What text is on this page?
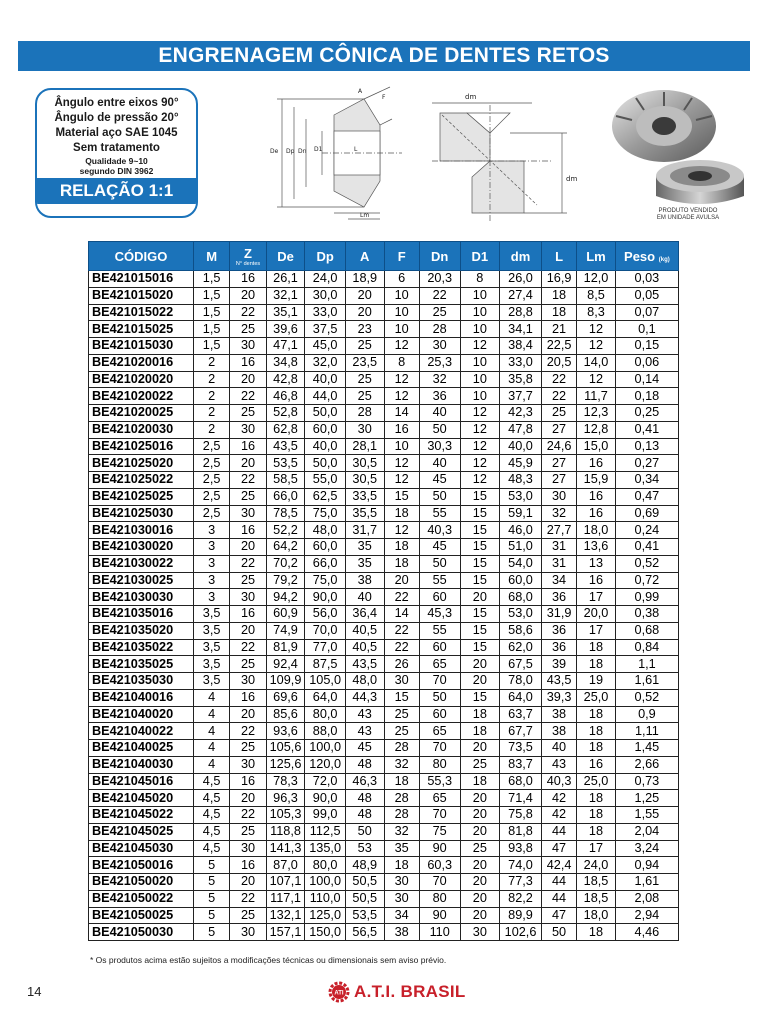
ENGRENAGEM CÔNICA DE DENTES RETOS
Ângulo entre eixos 90°
Ângulo de pressão 20°
Material aço SAE 1045
Sem tratamento
Qualidade 9~10
segundo DIN 3962
RELAÇÃO 1:1
De Dp Dn D1	L
F
A
Lm
dm
dm
PRODUTO VENDIDO
EM UNIDADE AVULSA
CÓDIGO	M	Z
N° dentes	De	Dp	A	F	Dn	D1	dm	L	Lm	Peso (kg)
BE421015016	1,5	16	26,1	24,0	18,9	6	20,3	8	26,0	16,9	12,0	0,03
BE421015020	1,5	20	32,1	30,0	20	10	22	10	27,4	18	8,5	0,05
BE421015022	1,5	22	35,1	33,0	20	10	25	10	28,8	18	8,3	0,07
BE421015025	1,5	25	39,6	37,5	23	10	28	10	34,1	21	12	0,1
BE421015030	1,5	30	47,1	45,0	25	12	30	12	38,4	22,5	12	0,15
BE421020016	2	16	34,8	32,0	23,5	8	25,3	10	33,0	20,5	14,0	0,06
BE421020020	2	20	42,8	40,0	25	12	32	10	35,8	22	12	0,14
BE421020022	2	22	46,8	44,0	25	12	36	10	37,7	22	11,7	0,18
BE421020025	2	25	52,8	50,0	28	14	40	12	42,3	25	12,3	0,25
BE421020030	2	30	62,8	60,0	30	16	50	12	47,8	27	12,8	0,41
BE421025016	2,5	16	43,5	40,0	28,1	10	30,3	12	40,0	24,6	15,0	0,13
BE421025020	2,5	20	53,5	50,0	30,5	12	40	12	45,9	27	16	0,27
BE421025022	2,5	22	58,5	55,0	30,5	12	45	12	48,3	27	15,9	0,34
BE421025025	2,5	25	66,0	62,5	33,5	15	50	15	53,0	30	16	0,47
BE421025030	2,5	30	78,5	75,0	35,5	18	55	15	59,1	32	16	0,69
BE421030016	3	16	52,2	48,0	31,7	12	40,3	15	46,0	27,7	18,0	0,24
BE421030020	3	20	64,2	60,0	35	18	45	15	51,0	31	13,6	0,41
BE421030022	3	22	70,2	66,0	35	18	50	15	54,0	31	13	0,52
BE421030025	3	25	79,2	75,0	38	20	55	15	60,0	34	16	0,72
BE421030030	3	30	94,2	90,0	40	22	60	20	68,0	36	17	0,99
BE421035016	3,5	16	60,9	56,0	36,4	14	45,3	15	53,0	31,9	20,0	0,38
BE421035020	3,5	20	74,9	70,0	40,5	22	55	15	58,6	36	17	0,68
BE421035022	3,5	22	81,9	77,0	40,5	22	60	15	62,0	36	18	0,84
BE421035025	3,5	25	92,4	87,5	43,5	26	65	20	67,5	39	18	1,1
BE421035030	3,5	30	109,9	105,0	48,0	30	70	20	78,0	43,5	19	1,61
BE421040016	4	16	69,6	64,0	44,3	15	50	15	64,0	39,3	25,0	0,52
BE421040020	4	20	85,6	80,0	43	25	60	18	63,7	38	18	0,9
BE421040022	4	22	93,6	88,0	43	25	65	18	67,7	38	18	1,11
BE421040025	4	25	105,6	100,0	45	28	70	20	73,5	40	18	1,45
BE421040030	4	30	125,6	120,0	48	32	80	25	83,7	43	16	2,66
BE421045016	4,5	16	78,3	72,0	46,3	18	55,3	18	68,0	40,3	25,0	0,73
BE421045020	4,5	20	96,3	90,0	48	28	65	20	71,4	42	18	1,25
BE421045022	4,5	22	105,3	99,0	48	28	70	20	75,8	42	18	1,55
BE421045025	4,5	25	118,8	112,5	50	32	75	20	81,8	44	18	2,04
BE421045030	4,5	30	141,3	135,0	53	35	90	25	93,8	47	17	3,24
BE421050016	5	16	87,0	80,0	48,9	18	60,3	20	74,0	42,4	24,0	0,94
BE421050020	5	20	107,1	100,0	50,5	30	70	20	77,3	44	18,5	1,61
BE421050022	5	22	117,1	110,0	50,5	30	80	20	82,2	44	18,5	2,08
BE421050025	5	25	132,1	125,0	53,5	34	90	20	89,9	47	18,0	2,94
BE421050030	5	30	157,1	150,0	56,5	38	110	30	102,6	50	18	4,46
* Os produtos acima estão sujeitos a modificações técnicas ou dimensionais sem aviso prévio.
14	ATI A.T.I. BRASIL
